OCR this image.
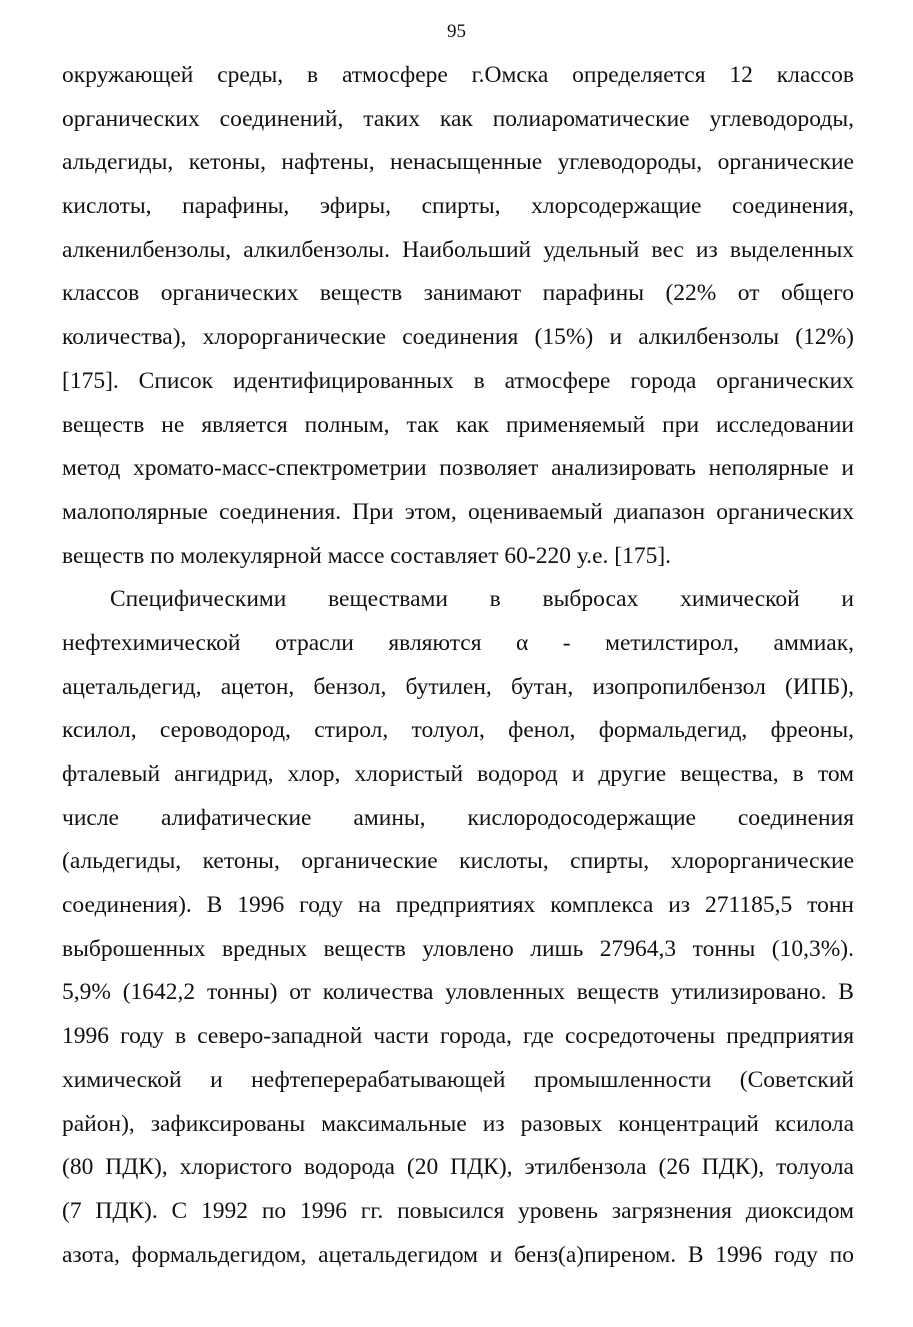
95
окружающей среды, в атмосфере г.Омска определяется 12 классов
органических соединений, таких как полиароматические углеводороды,
альдегиды, кетоны, нафтены, ненасыщенные углеводороды, органические
кислоты, парафины, эфиры, спирты, хлорсодержащие соединения,
алкенилбензолы, алкилбензолы. Наибольший удельный вес из выделенных
классов органических веществ занимают парафины (22% от общего
количества), хлорорганические соединения (15%) и алкилбензолы (12%)
[175]. Список идентифицированных в атмосфере города органических
веществ не является полным, так как применяемый при исследовании
метод хромато-масс-спектрометрии позволяет анализировать неполярные и
малополярные соединения. При этом, оцениваемый диапазон органических
веществ по молекулярной массе составляет 60-220 у.е. [175].
Специфическими веществами в выбросах химической и
нефтехимической отрасли являются α - метилстирол, аммиак,
ацетальдегид, ацетон, бензол, бутилен, бутан, изопропилбензол (ИПБ),
ксилол, сероводород, стирол, толуол, фенол, формальдегид, фреоны,
фталевый ангидрид, хлор, хлористый водород и другие вещества, в том
числе алифатические амины, кислородосодержащие соединения
(альдегиды, кетоны, органические кислоты, спирты, хлорорганические
соединения). В 1996 году на предприятиях комплекса из 271185,5 тонн
выброшенных вредных веществ уловлено лишь 27964,3 тонны (10,3%).
5,9% (1642,2 тонны) от количества уловленных веществ утилизировано. В
1996 году в северо-западной части города, где сосредоточены предприятия
химической и нефтеперерабатывающей промышленности (Советский
район), зафиксированы максимальные из разовых концентраций ксилола
(80 ПДК), хлористого водорода (20 ПДК), этилбензола (26 ПДК), толуола
(7 ПДК). С 1992 по 1996 гг. повысился уровень загрязнения диоксидом
азота, формальдегидом, ацетальдегидом и бенз(а)пиреном. В 1996 году по
